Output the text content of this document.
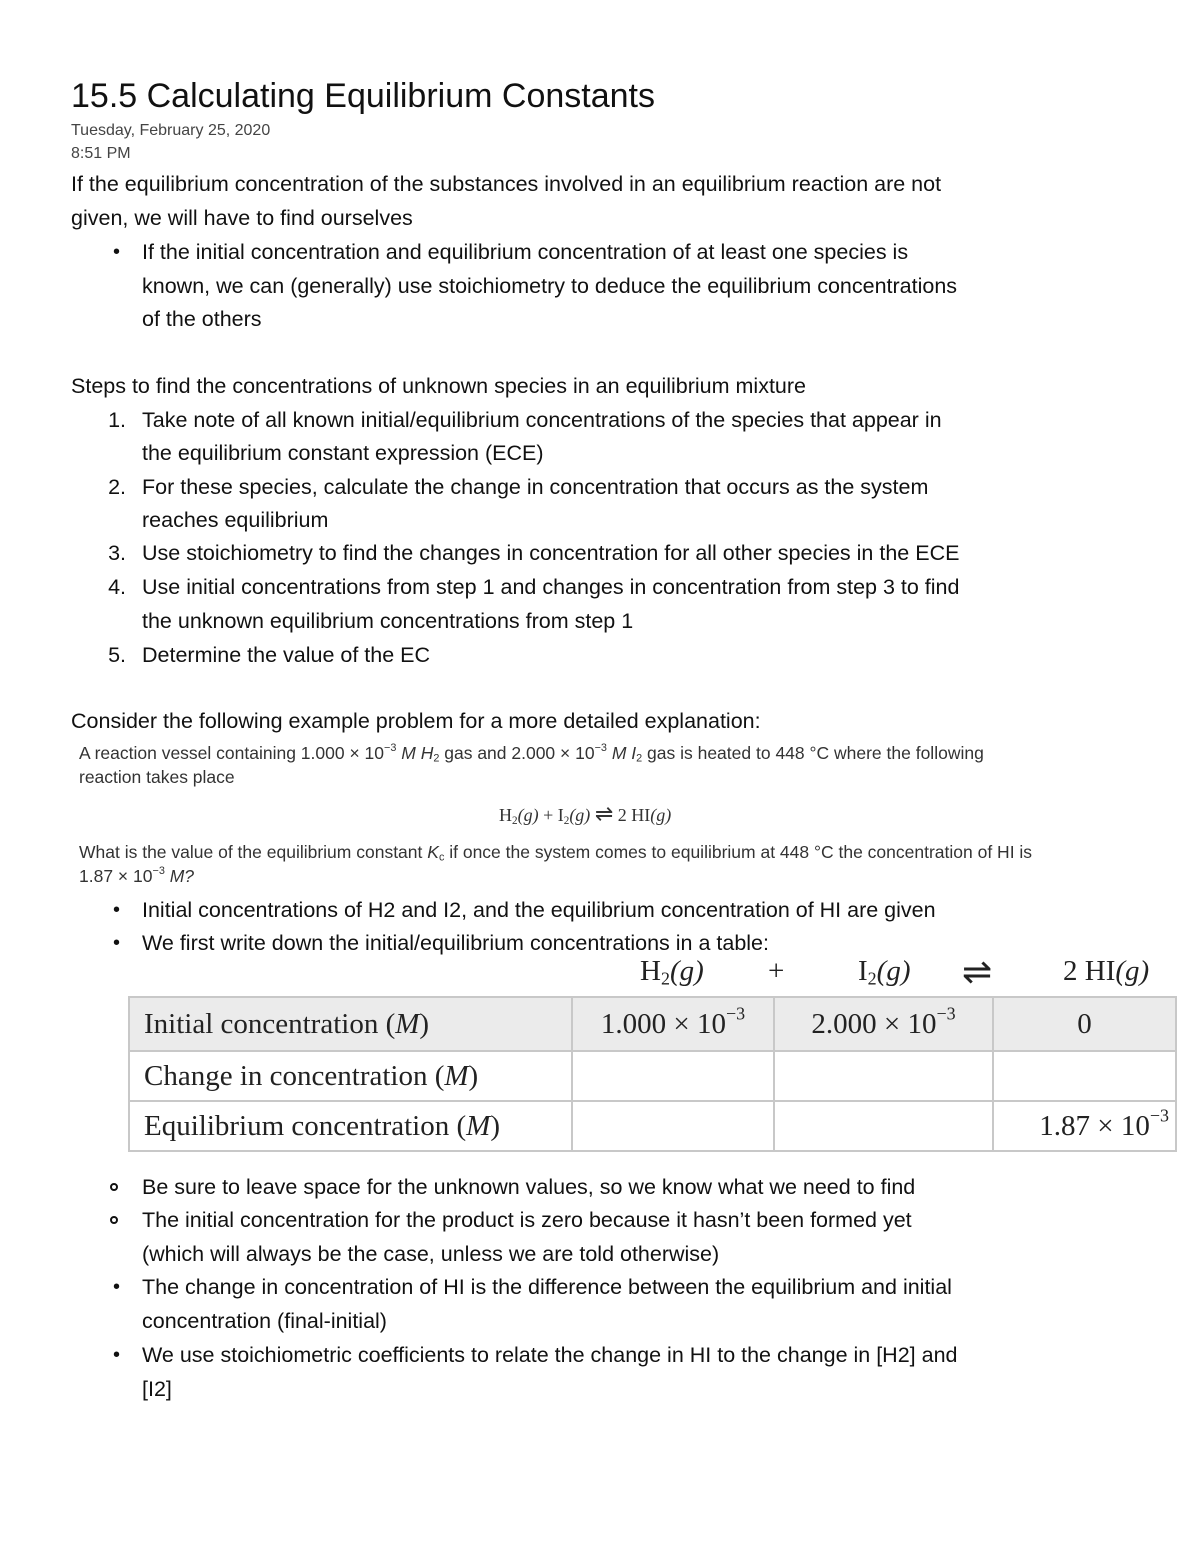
15.5 Calculating Equilibrium Constants
Tuesday, February 25, 2020
8:51 PM
If the equilibrium concentration of the substances involved in an equilibrium reaction are not
given, we will have to find ourselves
• If the initial concentration and equilibrium concentration of at least one species is
known, we can (generally) use stoichiometry to deduce the equilibrium concentrations
of the others
Steps to find the concentrations of unknown species in an equilibrium mixture
1. Take note of all known initial/equilibrium concentrations of the species that appear in
the equilibrium constant expression (ECE)
2. For these species, calculate the change in concentration that occurs as the system
reaches equilibrium
3. Use stoichiometry to find the changes in concentration for all other species in the ECE
4. Use initial concentrations from step 1 and changes in concentration from step 3 to find
the unknown equilibrium concentrations from step 1
5. Determine the value of the EC
Consider the following example problem for a more detailed explanation:
A reaction vessel containing $1.000 \times 10^{-3}$ M $H_2$ gas and $2.000 \times 10^{-3}$ M $I_2$ gas is heated to 448 °C where the following
reaction takes place
$H_2(g) + I_2(g)$ ⇌ 2 HI(g)
What is the value of the equilibrium constant $K_c$ if once the system comes to equilibrium at 448 °C the concentration of HI is
$1.87 \times 10^{-3}$ M?
• Initial concentrations of H2 and I2, and the equilibrium concentration of HI are given
• We first write down the initial/equilibrium concentrations in a table:
$H_2(g)$ +	$I_2(g)$ ⇌ 2 HI(g)
Initial concentration (M)	$1.000 \times 10^{-3}$	$2.000 \times 10^{-3}$	0
Change in concentration (M)			
Equilibrium concentration (M)			$1.87 \times 10^{-3}$
Be sure to leave space for the unknown values, so we know what we need to find
The initial concentration for the product is zero because it hasn’t been formed yet
(which will always be the case, unless we are told otherwise)
• The change in concentration of HI is the difference between the equilibrium and initial
concentration (final-initial)
• We use stoichiometric coefficients to relate the change in HI to the change in [H2] and
[I2]
